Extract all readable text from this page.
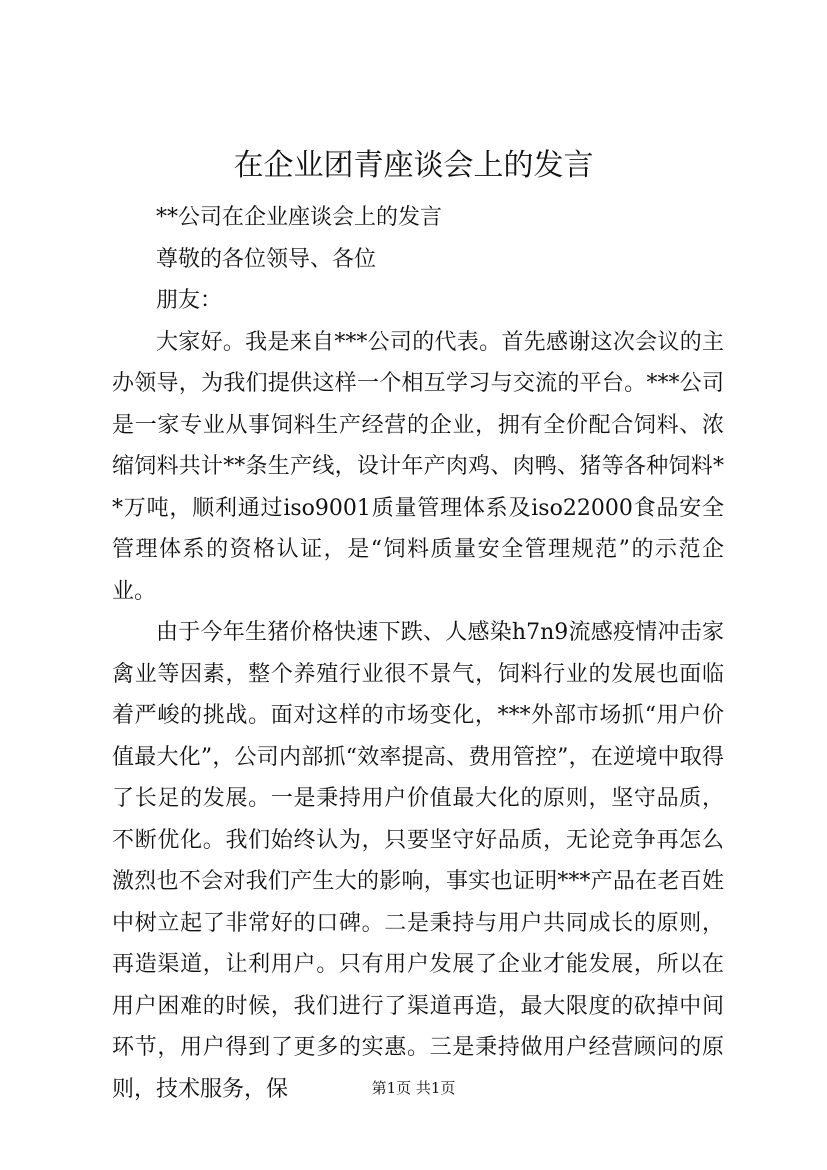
在企业团青座谈会上的发言

**公司在企业座谈会上的发言

尊敬的各位领导、各位

朋友：

大家好。我是来自***公司的代表。首先感谢这次会议的主办领导，为我们提供这样一个相互学习与交流的平台。***公司是一家专业从事饲料生产经营的企业，拥有全价配合饲料、浓缩饲料共计**条生产线，设计年产肉鸡、肉鸭、猪等各种饲料**万吨，顺利通过iso9001质量管理体系及iso22000食品安全管理体系的资格认证，是“饲料质量安全管理规范”的示范企业。

由于今年生猪价格快速下跌、人感染h7n9流感疫情冲击家禽业等因素，整个养殖行业很不景气，饲料行业的发展也面临着严峻的挑战。面对这样的市场变化，***外部市场抓“用户价值最大化”，公司内部抓“效率提高、费用管控”，在逆境中取得了长足的发展。一是秉持用户价值最大化的原则，坚守品质，不断优化。我们始终认为，只要坚守好品质，无论竞争再怎么激烈也不会对我们产生大的影响，事实也证明***产品在老百姓中树立起了非常好的口碑。二是秉持与用户共同成长的原则，再造渠道，让利用户。只有用户发展了企业才能发展，所以在用户困难的时候，我们进行了渠道再造，最大限度的砍掉中间环节，用户得到了更多的实惠。三是秉持做用户经营顾问的原则，技术服务，保	第1页 共1页
